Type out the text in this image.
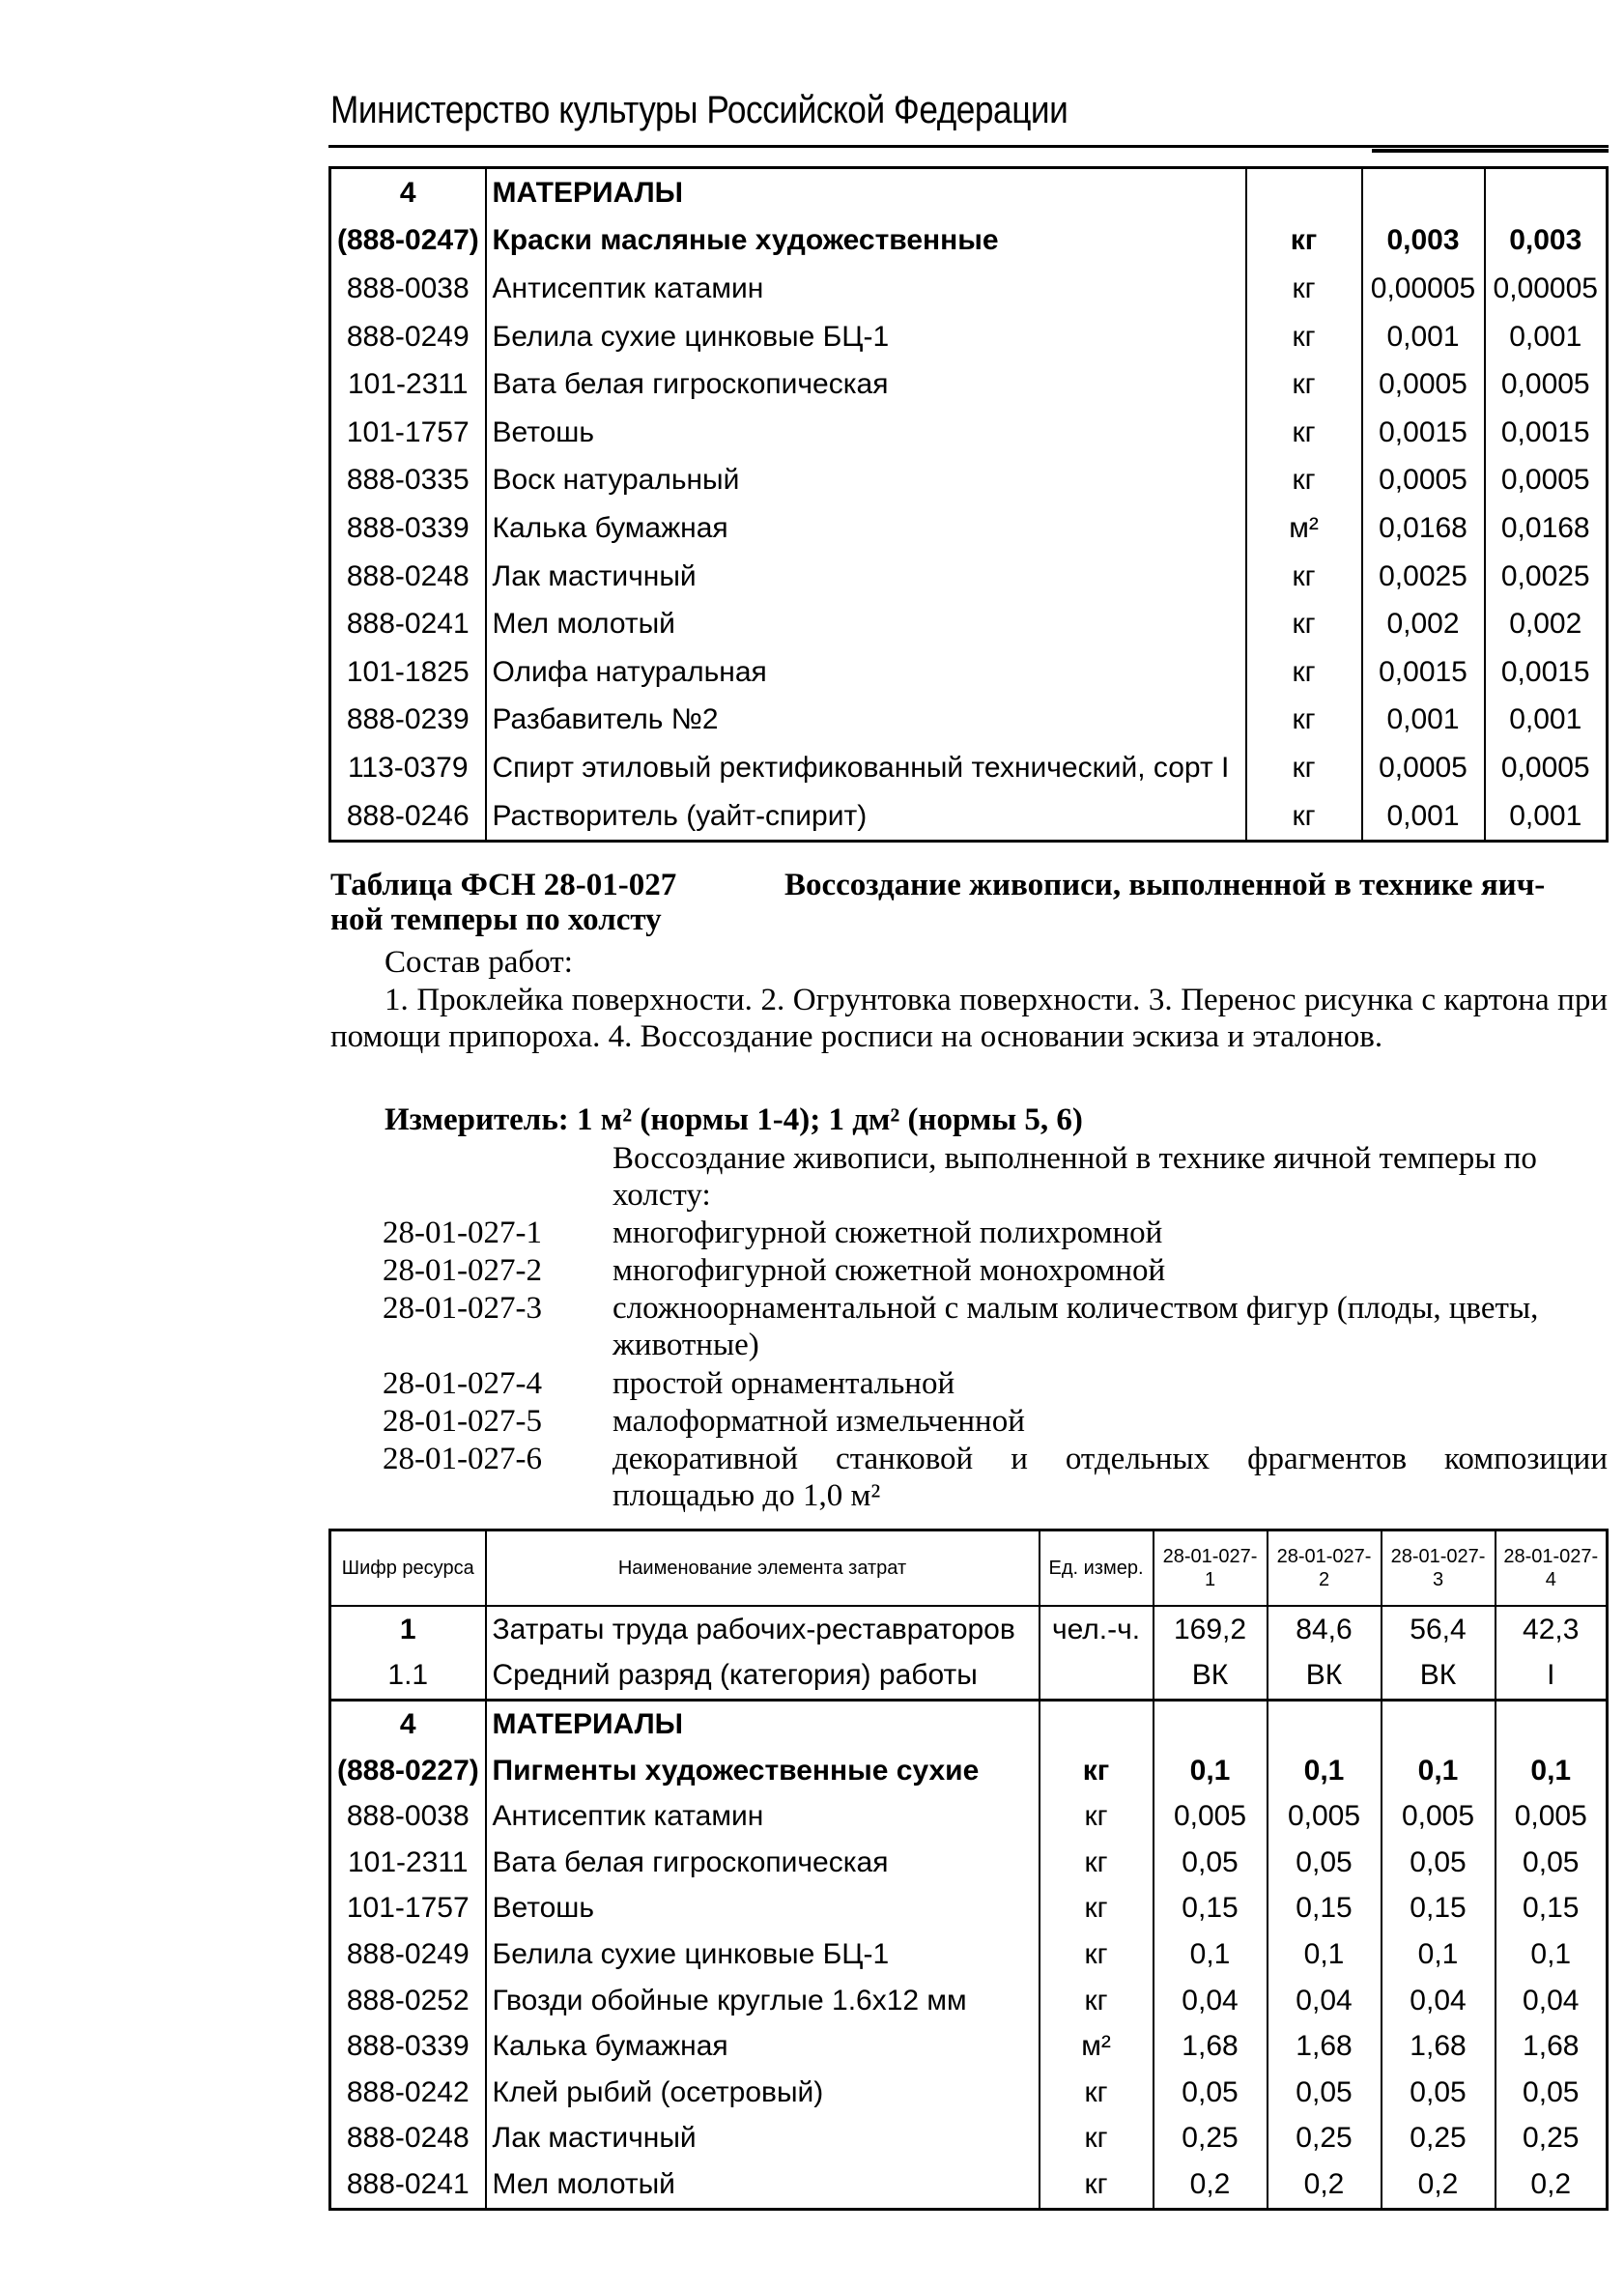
Министерство культуры Российской Федерации
4	МАТЕРИАЛЫ			
(888-0247)	Краски масляные художественные	кг	0,003	0,003
888-0038	Антисептик катамин	кг	0,00005	0,00005
888-0249	Белила сухие цинковые БЦ-1	кг	0,001	0,001
101-2311	Вата белая гигроскопическая	кг	0,0005	0,0005
101-1757	Ветошь	кг	0,0015	0,0015
888-0335	Воск натуральный	кг	0,0005	0,0005
888-0339	Калька бумажная	м²	0,0168	0,0168
888-0248	Лак мастичный	кг	0,0025	0,0025
888-0241	Мел молотый	кг	0,002	0,002
101-1825	Олифа натуральная	кг	0,0015	0,0015
888-0239	Разбавитель №2	кг	0,001	0,001
113-0379	Спирт этиловый ректификованный технический, сорт I	кг	0,0005	0,0005
888-0246	Растворитель (уайт-спирит)	кг	0,001	0,001
Таблица ФСН 28-01-027	Воссоздание живописи, выполненной в технике яич-
ной темперы по холсту
Состав работ:
1. Проклейка поверхности. 2. Огрунтовка поверхности. 3. Перенос рисунка с картона при помощи припороха. 4. Воссоздание росписи на основании эскиза и эталонов.
Измеритель: 1 м² (нормы 1-4); 1 дм² (нормы 5, 6)
Воссоздание живописи, выполненной в технике яичной темперы по холсту:
28-01-027-1 многофигурной сюжетной полихромной
28-01-027-2 многофигурной сюжетной монохромной
28-01-027-3 сложноорнаментальной с малым количеством фигур (плоды, цветы, животные)
28-01-027-4 простой орнаментальной
28-01-027-5 малоформатной измельченной
28-01-027-6 декоративной станковой и отдельных фрагментов композиции площадью до 1,0 м²
Шифр ресурса	Наименование элемента затрат	Ед. измер.	28-01-027-1	28-01-027-2	28-01-027-3	28-01-027-4
1	Затраты труда рабочих-реставраторов	чел.-ч.	169,2	84,6	56,4	42,3
1.1	Средний разряд (категория) работы		ВК	ВК	ВК	I
4	МАТЕРИАЛЫ					
(888-0227)	Пигменты художественные сухие	кг	0,1	0,1	0,1	0,1
888-0038	Антисептик катамин	кг	0,005	0,005	0,005	0,005
101-2311	Вата белая гигроскопическая	кг	0,05	0,05	0,05	0,05
101-1757	Ветошь	кг	0,15	0,15	0,15	0,15
888-0249	Белила сухие цинковые БЦ-1	кг	0,1	0,1	0,1	0,1
888-0252	Гвозди обойные круглые 1.6х12 мм	кг	0,04	0,04	0,04	0,04
888-0339	Калька бумажная	м²	1,68	1,68	1,68	1,68
888-0242	Клей рыбий (осетровый)	кг	0,05	0,05	0,05	0,05
888-0248	Лак мастичный	кг	0,25	0,25	0,25	0,25
888-0241	Мел молотый	кг	0,2	0,2	0,2	0,2
